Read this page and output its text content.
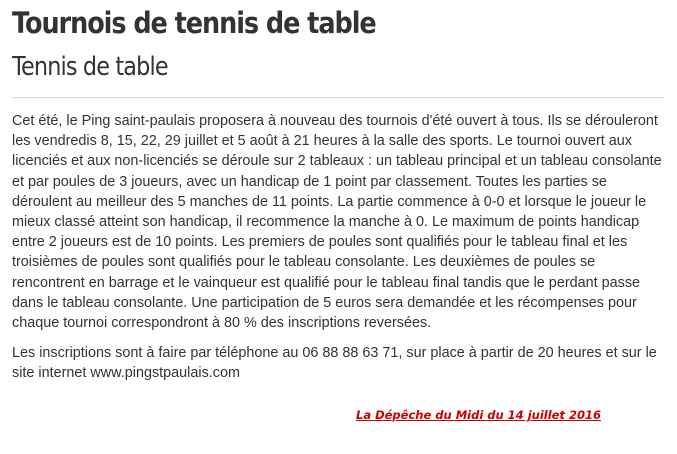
Tournois de tennis de table
Tennis de table

Cet été, le Ping saint-paulais proposera à nouveau des tournois d'été ouvert à tous. Ils se dérouleront les vendredis 8, 15, 22, 29 juillet et 5 août à 21 heures à la salle des sports. Le tournoi ouvert aux licenciés et aux non-licenciés se déroule sur 2 tableaux : un tableau principal et un tableau consolante et par poules de 3 joueurs, avec un handicap de 1 point par classement. Toutes les parties se déroulent au meilleur des 5 manches de 11 points. La partie commence à 0-0 et lorsque le joueur le mieux classé atteint son handicap, il recommence la manche à 0. Le maximum de points handicap entre 2 joueurs est de 10 points. Les premiers de poules sont qualifiés pour le tableau final et les troisièmes de poules sont qualifiés pour le tableau consolante. Les deuxièmes de poules se rencontrent en barrage et le vainqueur est qualifié pour le tableau final tandis que le perdant passe dans le tableau consolante. Une participation de 5 euros sera demandée et les récompenses pour chaque tournoi correspondront à 80 % des inscriptions reversées.

Les inscriptions sont à faire par téléphone au 06 88 88 63 71, sur place à partir de 20 heures et sur le site internet www.pingstpaulais.com

La Dépêche du Midi du 14 juillet 2016
